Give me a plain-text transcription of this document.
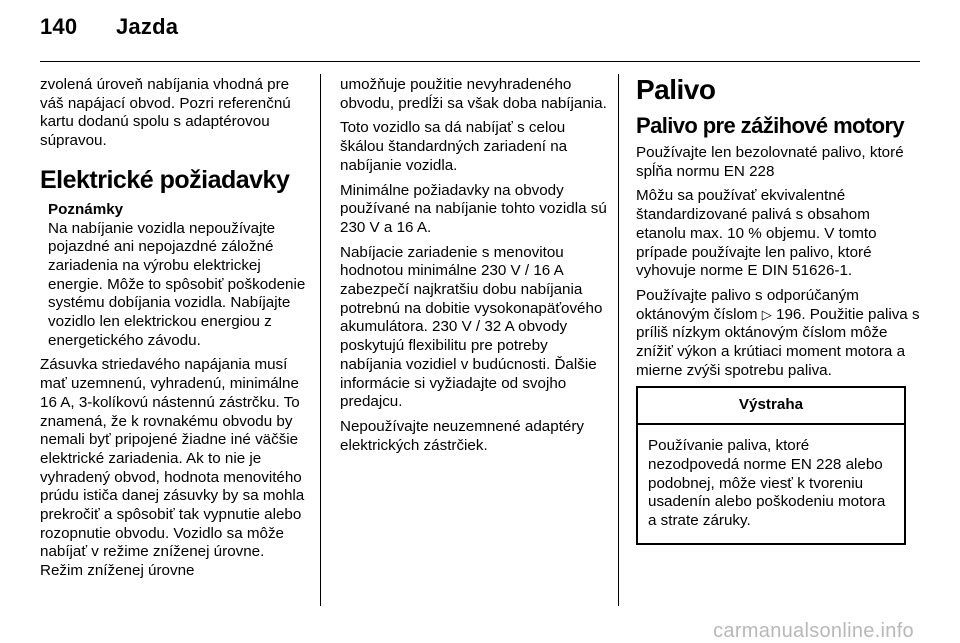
140 Jazda

zvolená úroveň nabíjania vhodná pre váš napájací obvod. Pozri referenčnú kartu dodanú spolu s adaptérovou súpravou.

Elektrické požiadavky
Poznámky
Na nabíjanie vozidla nepoužívajte pojazdné ani nepojazdné záložné zariadenia na výrobu elektrickej energie. Môže to spôsobiť poškodenie systému dobíjania vozidla. Nabíjajte vozidlo len elektrickou energiou z energetického závodu.

Zásuvka striedavého napájania musí mať uzemnenú, vyhradenú, minimálne 16 A, 3-kolíkovú nástennú zástrčku. To znamená, že k rovnakému obvodu by nemali byť pripojené žiadne iné väčšie elektrické zariadenia. Ak to nie je vyhradený obvod, hodnota menovitého prúdu ističa danej zásuvky by sa mohla prekročiť a spôsobiť tak vypnutie alebo rozopnutie obvodu. Vozidlo sa môže nabíjať v režime zníženej úrovne. Režim zníženej úrovne

umožňuje použitie nevyhradeného obvodu, predĺži sa však doba nabíjania.

Toto vozidlo sa dá nabíjať s celou škálou štandardných zariadení na nabíjanie vozidla.

Minimálne požiadavky na obvody používané na nabíjanie tohto vozidla sú 230 V a 16 A.

Nabíjacie zariadenie s menovitou hodnotou minimálne 230 V / 16 A zabezpečí najkratšiu dobu nabíjania potrebnú na dobitie vysokonapäťového akumulátora. 230 V / 32 A obvody poskytujú flexibilitu pre potreby nabíjania vozidiel v budúcnosti. Ďalšie informácie si vyžiadajte od svojho predajcu.

Nepoužívajte neuzemnené adaptéry elektrických zástrčiek.

Palivo
Palivo pre zážihové motory

Používajte len bezolovnaté palivo, ktoré spĺňa normu EN 228

Môžu sa používať ekvivalentné štandardizované palivá s obsahom etanolu max. 10 % objemu. V tomto prípade používajte len palivo, ktoré vyhovuje norme E DIN 51626-1.

Používajte palivo s odporúčaným oktánovým číslom ▷ 196. Použitie paliva s príliš nízkym oktánovým číslom môže znížiť výkon a krútiaci moment motora a mierne zvýši spotrebu paliva.

Výstraha
Používanie paliva, ktoré nezodpovedá norme EN 228 alebo podobnej, môže viesť k tvoreniu usadenín alebo poškodeniu motora a strate záruky.
carmanualsonline.info
